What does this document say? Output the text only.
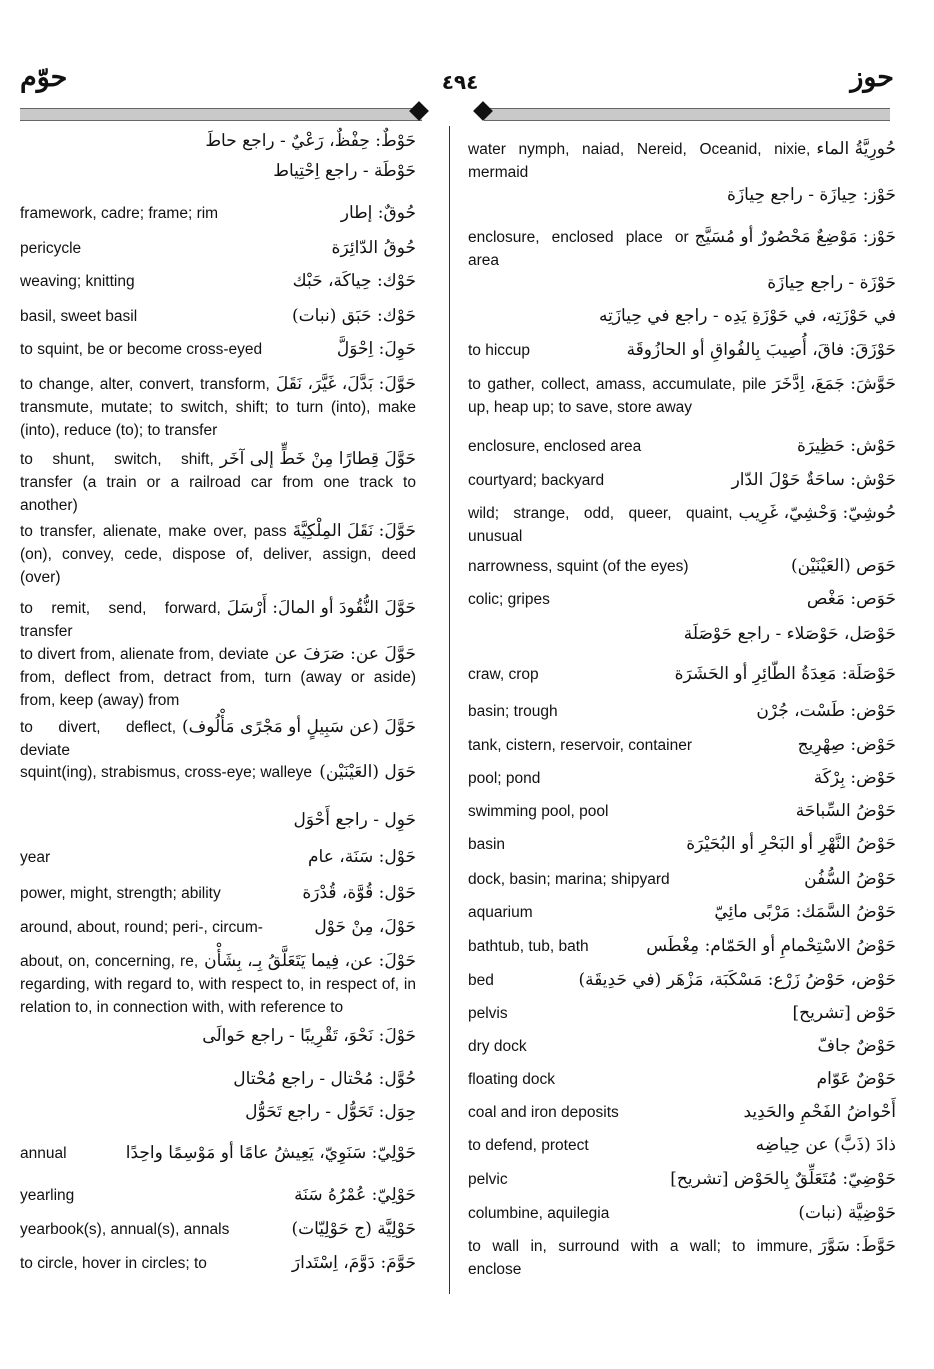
حوز
٤٩٤
حوّم
حَوْطٌ: حِفْظٌ، رَعْيٌ - راجع حاطَ
حَوْطَة - راجع اِحْتِياط
حُوقٌ: إطار
framework, cadre; frame; rim
حُوقُ الدّائِرَة
pericycle
حَوْك: حِياكَة، حَبْك
weaving; knitting
حَوْك: حَبَق (نبات)
basil, sweet basil
حَوِلَ: اِحْوَلَّ
to squint, be or become cross-eyed
حَوَّلَ: بَدَّلَ، غَيَّرَ، نَقَلَ
to change, alter, convert, transform, transmute, mutate; to switch, shift; to turn (into), make (into), reduce (to); to transfer
حَوَّلَ قِطارًا مِنْ خَطٍّ إلى آخَر
to shunt, switch, shift, transfer (a train or a railroad car from one track to another)
حَوَّلَ: نَقَلَ المِلْكِيَّةَ
to transfer, alienate, make over, pass (on), convey, cede, dispose of, deliver, assign, deed (over)
حَوَّلَ النُّقُودَ أو المالَ: أَرْسَلَ
to remit, send, forward, transfer
حَوَّلَ عن: صَرَفَ عن
to divert from, alienate from, deviate from, deflect from, detract from, turn (away or aside) from, keep (away) from
حَوَّلَ (عن سَبِيلٍ أو مَجْرًى مَأْلُوف)
to divert, deflect, deviate
حَوَل (العَيْنَيْن)
squint(ing), strabismus, cross-eye; walleye
حَوِل - راجع أَحْوَل
حَوْل: سَنَة، عام
year
حَوْل: قُوَّة، قُدْرَة
power, might, strength; ability
حَوْلَ، مِنْ حَوْل
around, about, round; peri-, circum-
حَوْلَ: عن، فِيما يَتَعَلَّقُ بِـ، بِشَأْن
about, on, concerning, re, regarding, with regard to, with respect to, in respect of, in relation to, in connection with, with reference to
حَوْلَ: نَحْوَ، تَقْرِيبًا - راجع حَوالَى
حُوَّل: مُحْتال - راجع مُحْتال
حِوَل: تَحَوُّل - راجع تَحَوُّل
حَوْلِيّ: سَنَوِيّ، يَعِيشُ عامًا أو مَوْسِمًا واحِدًا
annual
حَوْلِيّ: عُمْرُهُ سَنَة
yearling
حَوْلِيَّة (ج حَوْلِيّات)
yearbook(s), annual(s), annals
حَوَّمَ: دَوَّمَ، اِسْتَدارَ
to circle, hover in circles; to
حُورِيَّةُ الماء
water nymph, naiad, Nereid, Oceanid, nixie, mermaid
حَوْز: حِيازَة - راجع حِيازَة
حَوْز: مَوْضِعٌ مَحْصُورٌ أو مُسَيَّج
enclosure, enclosed place or area
حَوْزَة - راجع حِيازَة
في حَوْزَتِه، في حَوْزَةِ يَدِه - راجع في حِيازَتِه
حَوْزَقَ: فاقَ، أُصِيبَ بِالفُواقِ أو الحازُوقَة
to hiccup
حَوَّشَ: جَمَعَ، اِدَّخَرَ
to gather, collect, amass, accumulate, pile up, heap up; to save, store away
حَوْش: حَظِيرَة
enclosure, enclosed area
حَوْش: ساحَةٌ حَوْلَ الدّار
courtyard; backyard
حُوشِيّ: وَحْشِيّ، غَرِيب
wild; strange, odd, queer, quaint, unusual
حَوَص (العَيْنَيْن)
narrowness, squint (of the eyes)
حَوَص: مَغْص
colic; gripes
حَوْصَل، حَوْصَلاء - راجع حَوْصَلَة
حَوْصَلَة: مَعِدَةُ الطّائِرِ أو الحَشَرَة
craw, crop
حَوْض: طَسْت، جُرْن
basin; trough
حَوْض: صِهْرِيج
tank, cistern, reservoir, container
حَوْض: بِرْكَة
pool; pond
حَوْضُ السِّباحَة
swimming pool, pool
حَوْضُ النَّهْرِ أو البَحْرِ أو البُحَيْرَة
basin
حَوْضُ السُّفُن
dock, basin; marina; shipyard
حَوْضُ السَّمَك: مَرْبًى مائِيّ
aquarium
حَوْضُ الاسْتِحْمامِ أو الحَمّام: مِغْطَس
bathtub, tub, bath
حَوْض، حَوْضُ زَرْع: مَسْكَبَة، مَزْهَر (في حَدِيقَة)
bed
حَوْض [تشريح]
pelvis
حَوْضٌ جافّ
dry dock
حَوْضٌ عَوّام
floating dock
أَحْواضُ الفَحْمِ والحَدِيد
coal and iron deposits
ذادَ (ذَبَّ) عن حِياضِه
to defend, protect
حَوْضِيّ: مُتَعَلِّقٌ بِالحَوْض [تشريح]
pelvic
حَوْضِيَّة (نبات)
columbine, aquilegia
حَوَّطَ: سَوَّرَ
to wall in, surround with a wall; to immure, enclose
